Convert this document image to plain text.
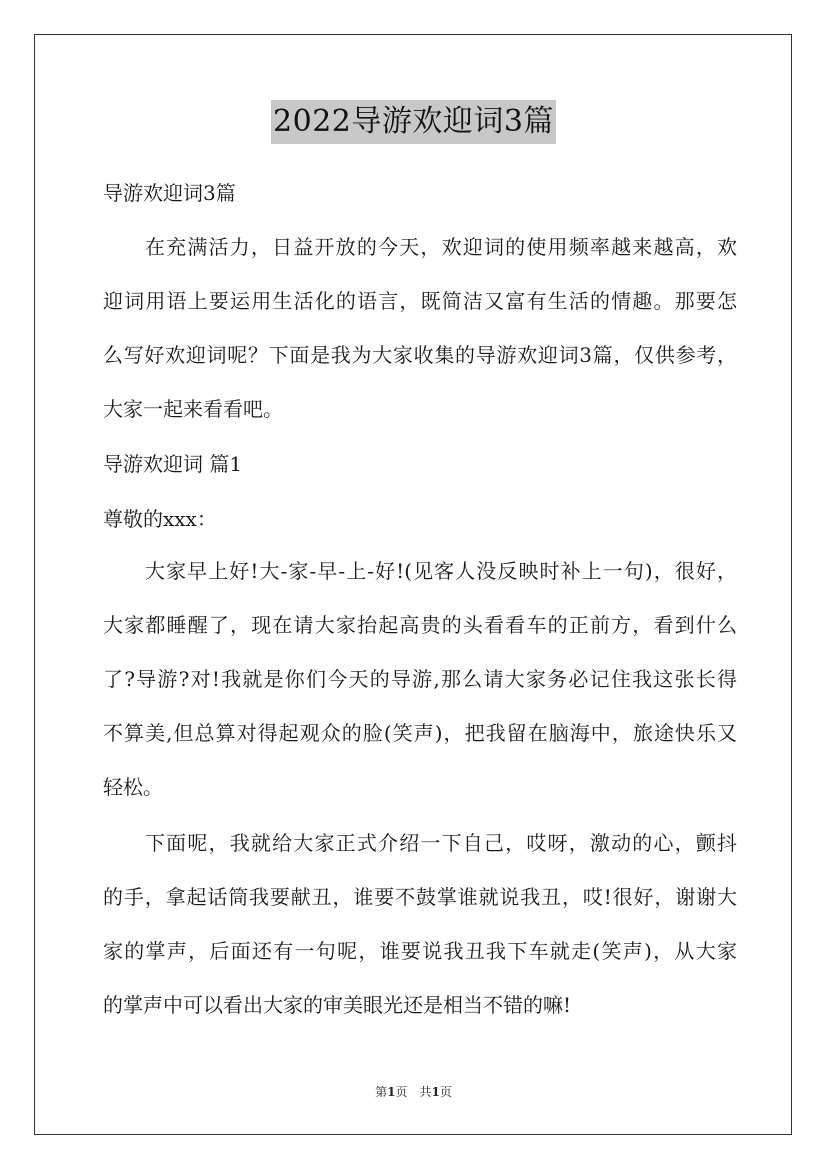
2022导游欢迎词3篇
导游欢迎词3篇
在充满活力，日益开放的今天，欢迎词的使用频率越来越高，欢
迎词用语上要运用生活化的语言，既简洁又富有生活的情趣。那要怎
么写好欢迎词呢？下面是我为大家收集的导游欢迎词3篇，仅供参考，
大家一起来看看吧。
导游欢迎词 篇1
尊敬的xxx：
大家早上好!大-家-早-上-好!(见客人没反映时补上一句)，很好，
大家都睡醒了，现在请大家抬起高贵的头看看车的正前方，看到什么
了?导游?对!我就是你们今天的导游,那么请大家务必记住我这张长得
不算美,但总算对得起观众的脸(笑声)，把我留在脑海中，旅途快乐又
轻松。
下面呢，我就给大家正式介绍一下自己，哎呀，激动的心，颤抖
的手，拿起话筒我要献丑，谁要不鼓掌谁就说我丑，哎!很好，谢谢大
家的掌声，后面还有一句呢，谁要说我丑我下车就走(笑声)，从大家
的掌声中可以看出大家的审美眼光还是相当不错的嘛!
第1页　共1页
